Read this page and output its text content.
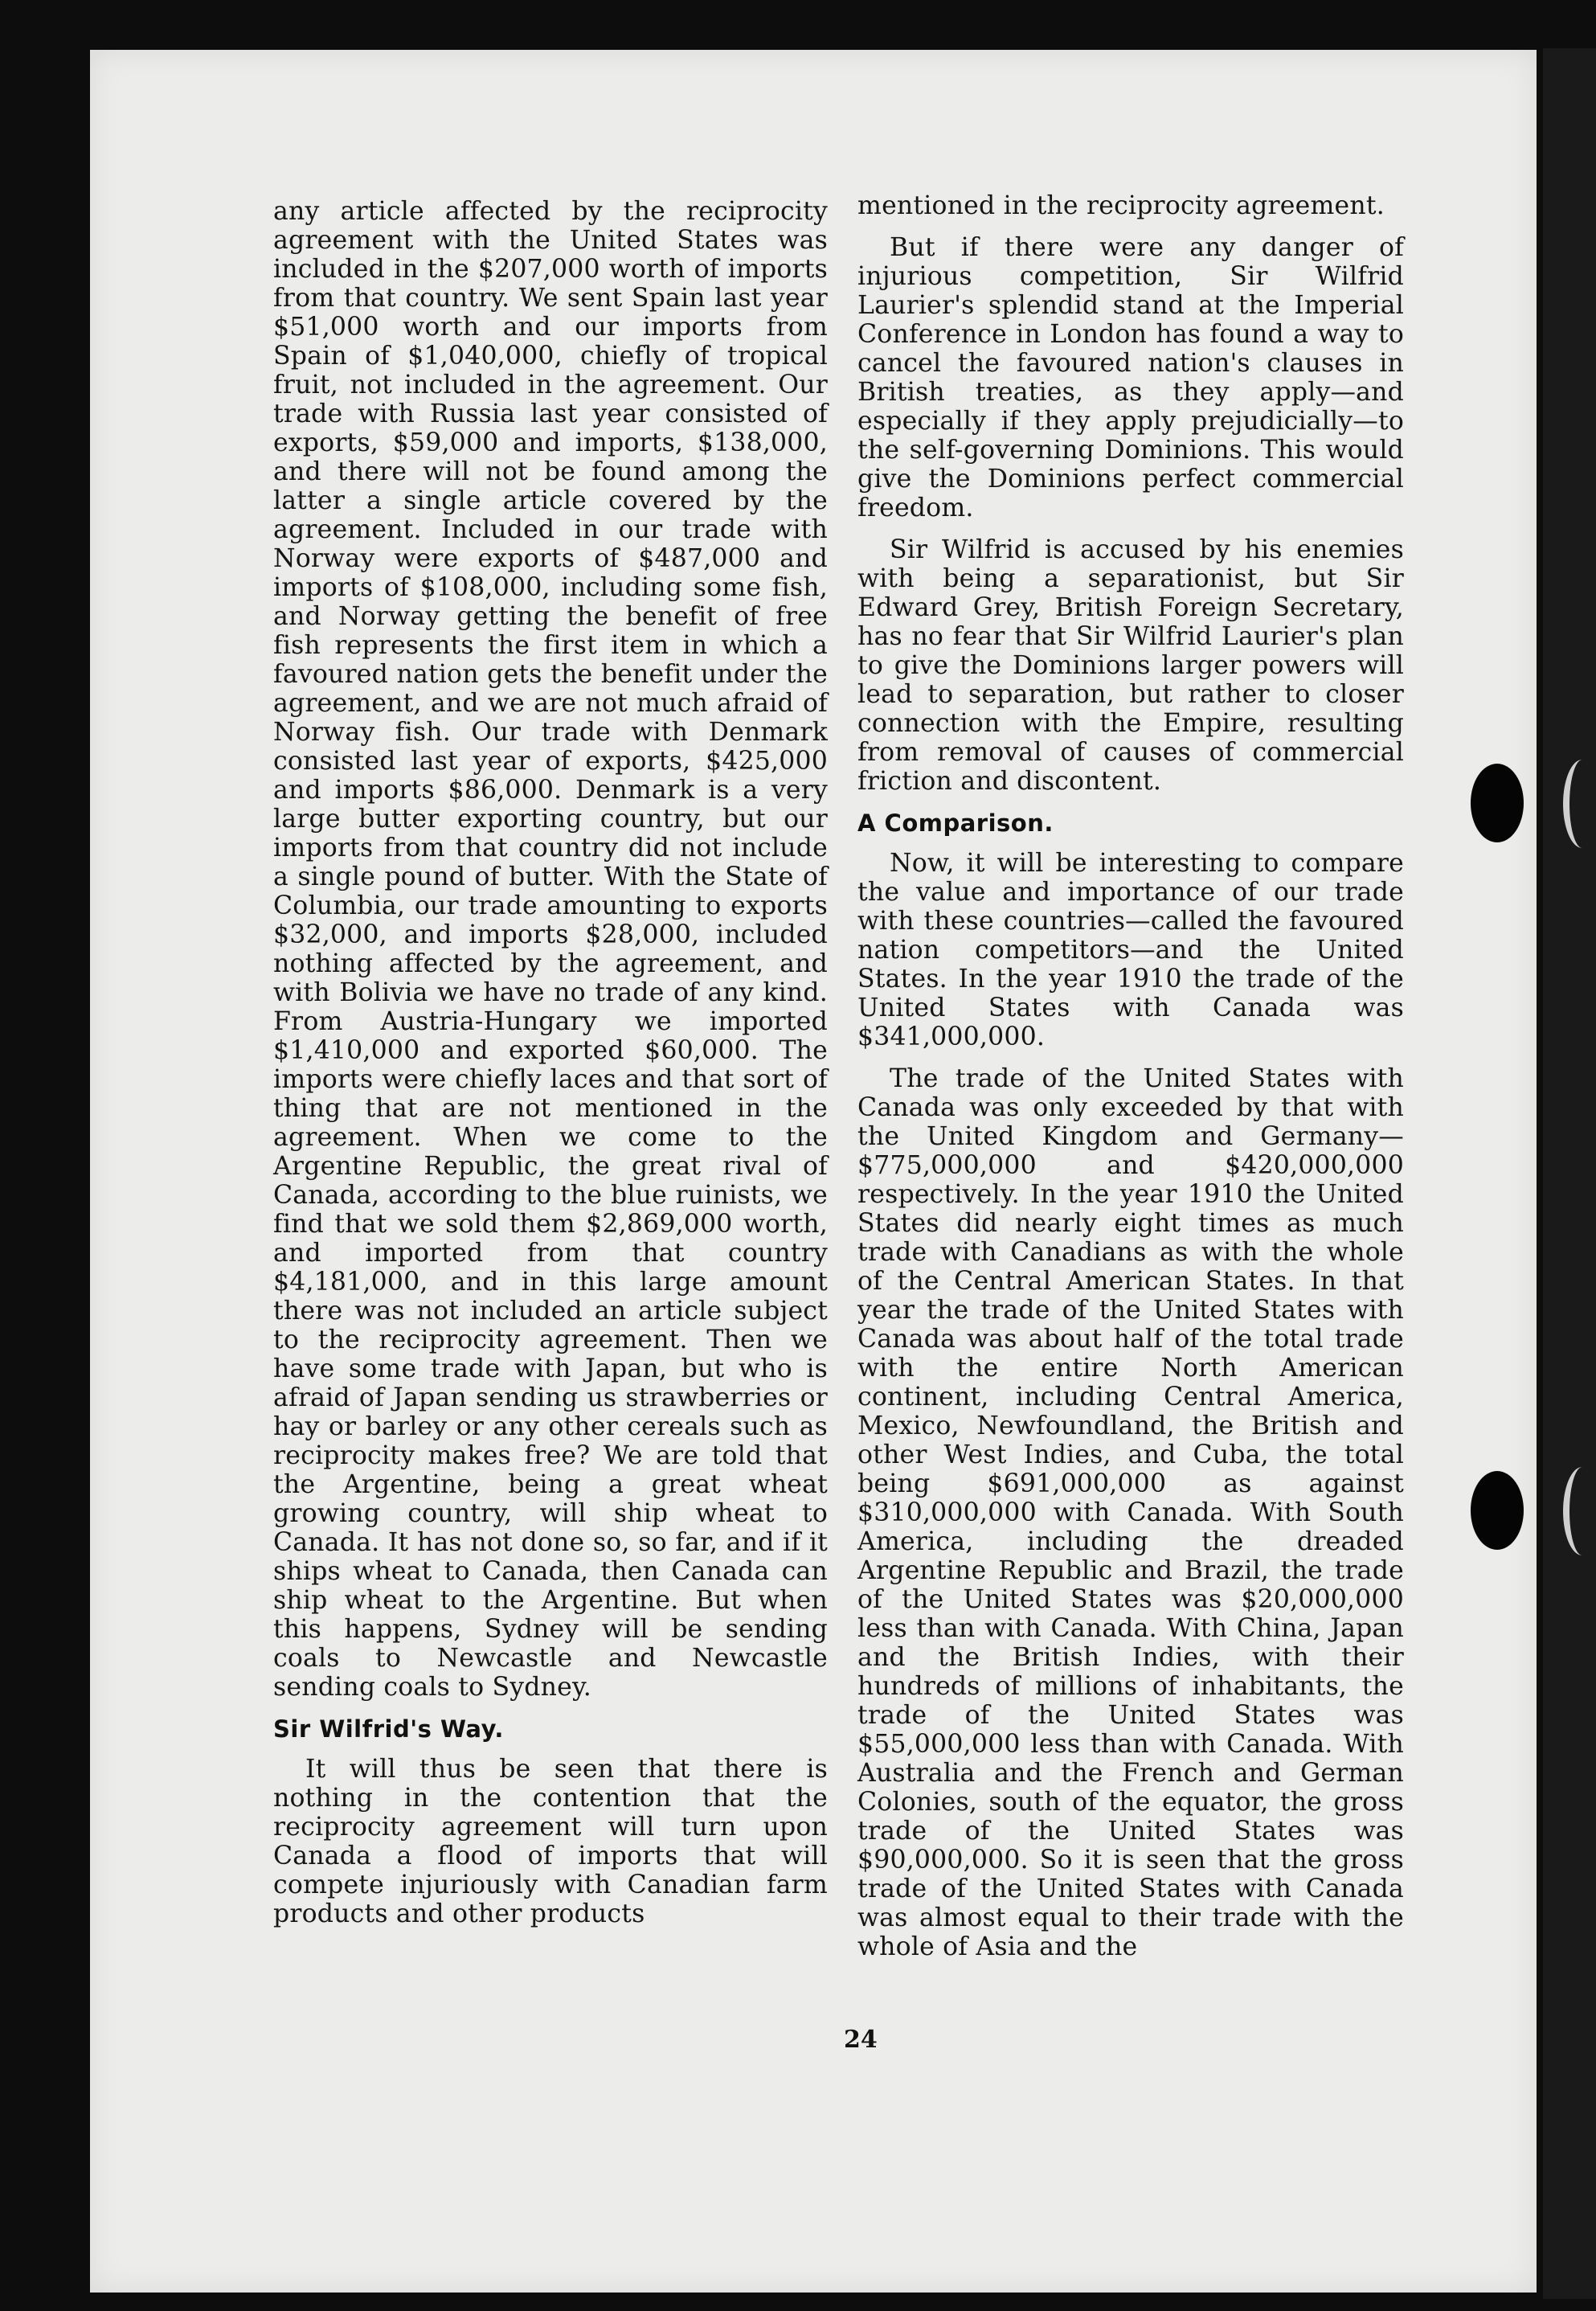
any article affected by the reciprocity agreement with the United States was included in the $207,000 worth of imports from that country. We sent Spain last year $51,000 worth and our imports from Spain of $1,040,000, chiefly of tropical fruit, not included in the agreement. Our trade with Russia last year consisted of exports, $59,000 and imports, $138,000, and there will not be found among the latter a single article covered by the agreement. Included in our trade with Norway were exports of $487,000 and imports of $108,000, including some fish, and Norway getting the benefit of free fish represents the first item in which a favoured nation gets the benefit under the agreement, and we are not much afraid of Norway fish. Our trade with Denmark consisted last year of exports, $425,000 and imports $86,000. Denmark is a very large butter exporting country, but our imports from that country did not include a single pound of butter. With the State of Columbia, our trade amounting to exports $32,000, and imports $28,000, included nothing affected by the agreement, and with Bolivia we have no trade of any kind. From Austria-Hungary we imported $1,410,000 and exported $60,000. The imports were chiefly laces and that sort of thing that are not mentioned in the agreement. When we come to the Argentine Republic, the great rival of Canada, according to the blue ruinists, we find that we sold them $2,869,000 worth, and imported from that country $4,181,000, and in this large amount there was not included an article subject to the reciprocity agreement. Then we have some trade with Japan, but who is afraid of Japan sending us strawberries or hay or barley or any other cereals such as reciprocity makes free? We are told that the Argentine, being a great wheat growing country, will ship wheat to Canada. It has not done so, so far, and if it ships wheat to Canada, then Canada can ship wheat to the Argentine. But when this happens, Sydney will be sending coals to Newcastle and Newcastle sending coals to Sydney.

Sir Wilfrid's Way.

It will thus be seen that there is nothing in the contention that the reciprocity agreement will turn upon Canada a flood of imports that will compete injuriously with Canadian farm products and other products

mentioned in the reciprocity agreement.

But if there were any danger of injurious competition, Sir Wilfrid Laurier's splendid stand at the Imperial Conference in London has found a way to cancel the favoured nation's clauses in British treaties, as they apply—and especially if they apply prejudicially—to the self-governing Dominions. This would give the Dominions perfect commercial freedom.

Sir Wilfrid is accused by his enemies with being a separationist, but Sir Edward Grey, British Foreign Secretary, has no fear that Sir Wilfrid Laurier's plan to give the Dominions larger powers will lead to separation, but rather to closer connection with the Empire, resulting from removal of causes of commercial friction and discontent.

A Comparison.

Now, it will be interesting to compare the value and importance of our trade with these countries—called the favoured nation competitors—and the United States. In the year 1910 the trade of the United States with Canada was $341,000,000.

The trade of the United States with Canada was only exceeded by that with the United Kingdom and Germany—$775,000,000 and $420,000,000 respectively. In the year 1910 the United States did nearly eight times as much trade with Canadians as with the whole of the Central American States. In that year the trade of the United States with Canada was about half of the total trade with the entire North American continent, including Central America, Mexico, Newfoundland, the British and other West Indies, and Cuba, the total being $691,000,000 as against $310,000,000 with Canada. With South America, including the dreaded Argentine Republic and Brazil, the trade of the United States was $20,000,000 less than with Canada. With China, Japan and the British Indies, with their hundreds of millions of inhabitants, the trade of the United States was $55,000,000 less than with Canada. With Australia and the French and German Colonies, south of the equator, the gross trade of the United States was $90,000,000. So it is seen that the gross trade of the United States with Canada was almost equal to their trade with the whole of Asia and the

24
